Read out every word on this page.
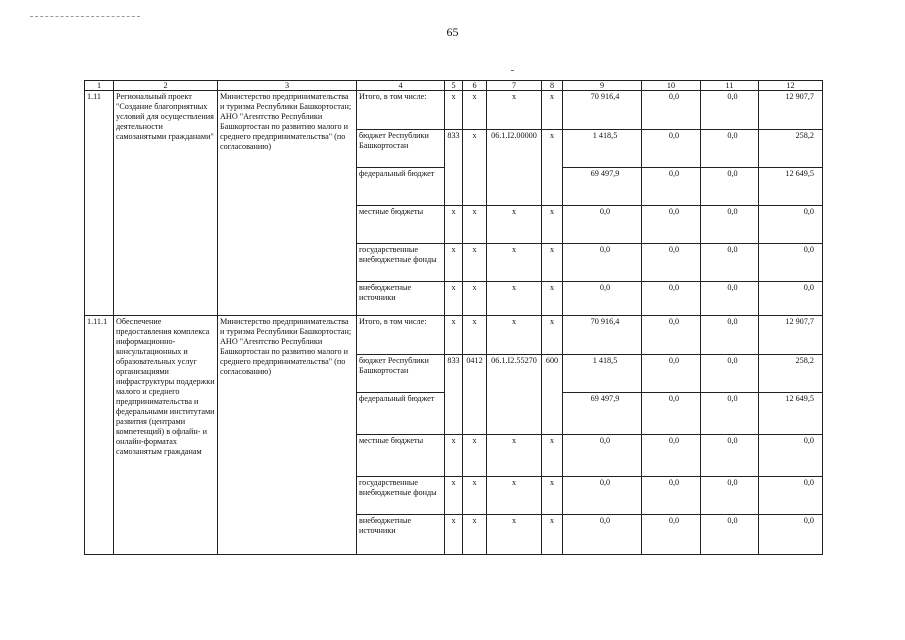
65
1	2	3	4	5	6	7	8	9	10	11	12
1.11	Региональный проект "Создание благоприятных условий для осуществления деятельности самозанятыми гражданами"	Министерство предпринимательства и туризма Республики Башкортостан; АНО "Агентство Республики Башкортостан по развитию малого и среднего предпринимательства" (по согласованию)	Итого, в том числе:	x	x	x	x	70 916,4	0,0	0,0	12 907,7
			бюджет Республики Башкортостан	833	x	06.1.I2.00000	x	1 418,5	0,0	0,0	258,2
			федеральный бюджет					69 497,9	0,0	0,0	12 649,5
			местные бюджеты	x	x	x	x	0,0	0,0	0,0	0,0
			государственные внебюджетные фонды	x	x	x	x	0,0	0,0	0,0	0,0
			внебюджетные источники	x	x	x	x	0,0	0,0	0,0	0,0
1.11.1	Обеспечение предоставления комплекса информационно-консультационных и образовательных услуг организациями инфраструктуры поддержки малого и среднего предпринимательства и федеральными институтами развития (центрами компетенций) в офлайн- и онлайн-форматах самозанятым гражданам	Министерство предпринимательства и туризма Республики Башкортостан; АНО "Агентство Республики Башкортостан по развитию малого и среднего предпринимательства" (по согласованию)	Итого, в том числе:	x	x	x	x	70 916,4	0,0	0,0	12 907,7
			бюджет Республики Башкортостан	833	0412	06.1.I2.55270	600	1 418,5	0,0	0,0	258,2
			федеральный бюджет					69 497,9	0,0	0,0	12 649,5
			местные бюджеты	x	x	x	x	0,0	0,0	0,0	0,0
			государственные внебюджетные фонды	x	x	x	x	0,0	0,0	0,0	0,0
			внебюджетные источники	x	x	x	x	0,0	0,0	0,0	0,0
